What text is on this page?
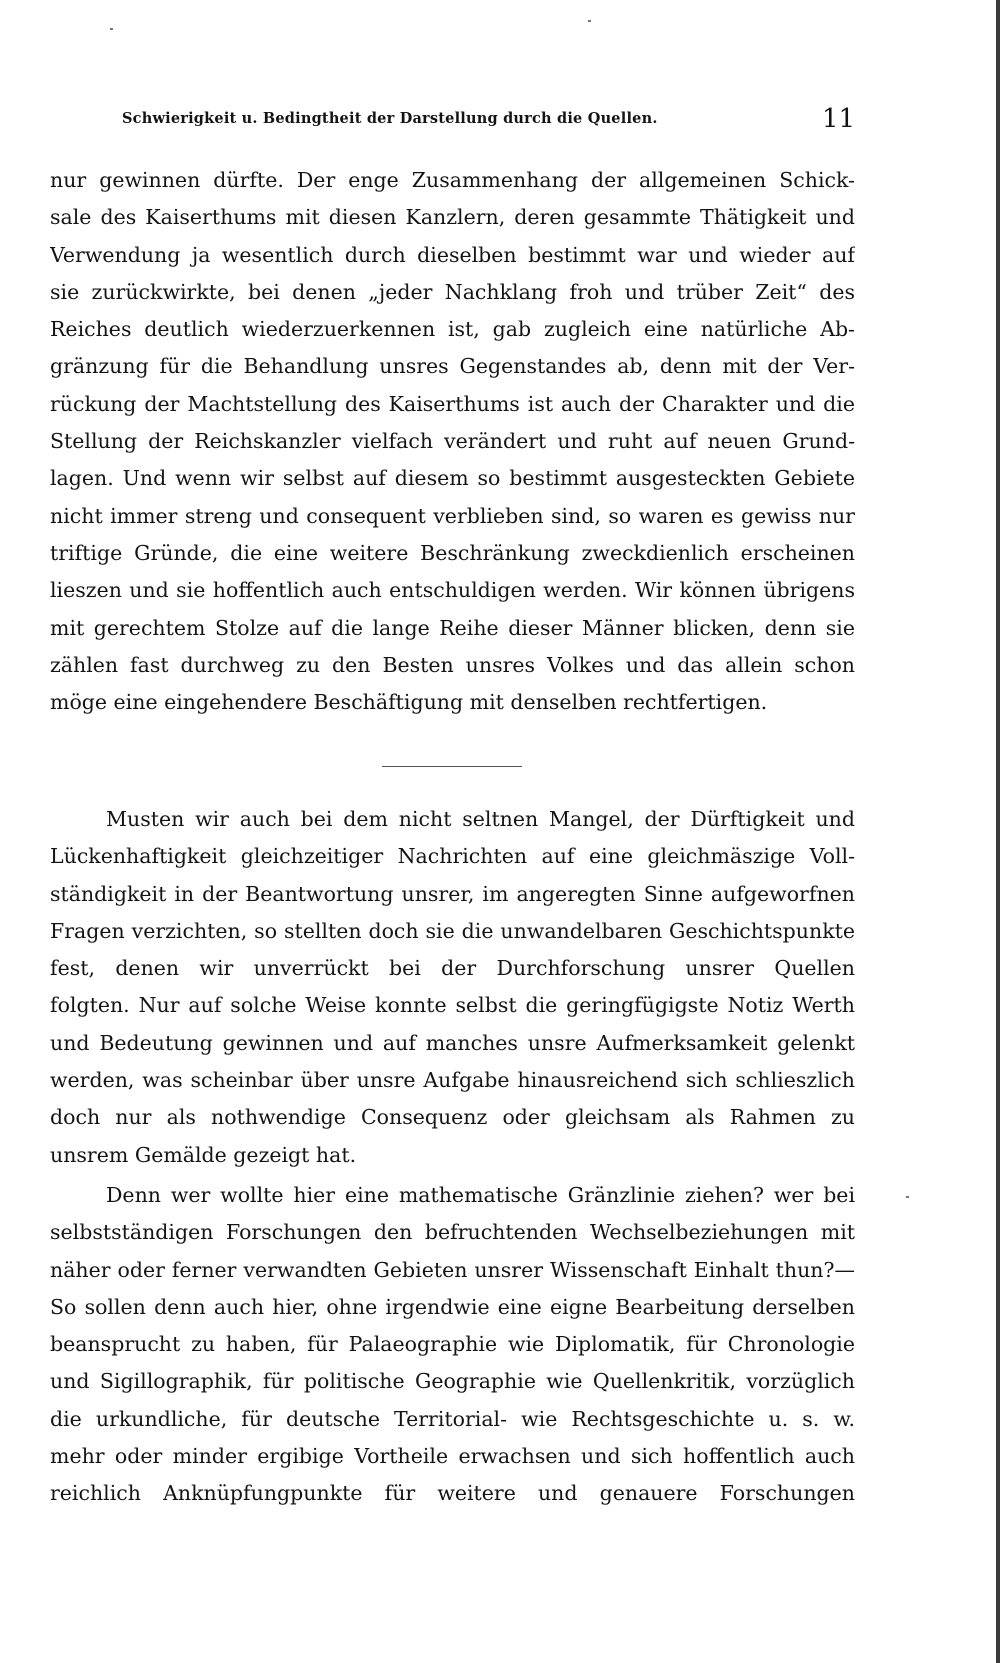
Schwierigkeit u. Bedingtheit der Darstellung durch die Quellen.	11
nur gewinnen dürfte. Der enge Zusammenhang der allgemeinen Schick-
sale des Kaiserthums mit diesen Kanzlern, deren gesammte Thätigkeit und
Verwendung ja wesentlich durch dieselben bestimmt war und wieder auf
sie zurückwirkte, bei denen „jeder Nachklang froh und trüber Zeit“ des
Reiches deutlich wiederzuerkennen ist, gab zugleich eine natürliche Ab-
gränzung für die Behandlung unsres Gegenstandes ab, denn mit der Ver-
rückung der Machtstellung des Kaiserthums ist auch der Charakter und die
Stellung der Reichskanzler vielfach verändert und ruht auf neuen Grund-
lagen. Und wenn wir selbst auf diesem so bestimmt ausgesteckten Gebiete
nicht immer streng und consequent verblieben sind, so waren es gewiss nur
triftige Gründe, die eine weitere Beschränkung zweckdienlich erscheinen
lieszen und sie hoffentlich auch entschuldigen werden. Wir können übrigens
mit gerechtem Stolze auf die lange Reihe dieser Männer blicken, denn sie
zählen fast durchweg zu den Besten unsres Volkes und das allein schon
möge eine eingehendere Beschäftigung mit denselben rechtfertigen.
Musten wir auch bei dem nicht seltnen Mangel, der Dürftigkeit und
Lückenhaftigkeit gleichzeitiger Nachrichten auf eine gleichmäszige Voll-
ständigkeit in der Beantwortung unsrer, im angeregten Sinne aufgeworfnen
Fragen verzichten, so stellten doch sie die unwandelbaren Geschichtspunkte
fest, denen wir unverrückt bei der Durchforschung unsrer Quellen
folgten. Nur auf solche Weise konnte selbst die geringfügigste Notiz Werth
und Bedeutung gewinnen und auf manches unsre Aufmerksamkeit gelenkt
werden, was scheinbar über unsre Aufgabe hinausreichend sich schlieszlich
doch nur als nothwendige Consequenz oder gleichsam als Rahmen zu
unsrem Gemälde gezeigt hat.
Denn wer wollte hier eine mathematische Gränzlinie ziehen? wer bei
selbstständigen Forschungen den befruchtenden Wechselbeziehungen mit
näher oder ferner verwandten Gebieten unsrer Wissenschaft Einhalt thun?—
So sollen denn auch hier, ohne irgendwie eine eigne Bearbeitung derselben
beansprucht zu haben, für Palaeographie wie Diplomatik, für Chronologie
und Sigillographik, für politische Geographie wie Quellenkritik, vorzüglich
die urkundliche, für deutsche Territorial- wie Rechtsgeschichte u. s. w.
mehr oder minder ergibige Vortheile erwachsen und sich hoffentlich auch
reichlich Anknüpfungpunkte für weitere und genauere Forschungen
